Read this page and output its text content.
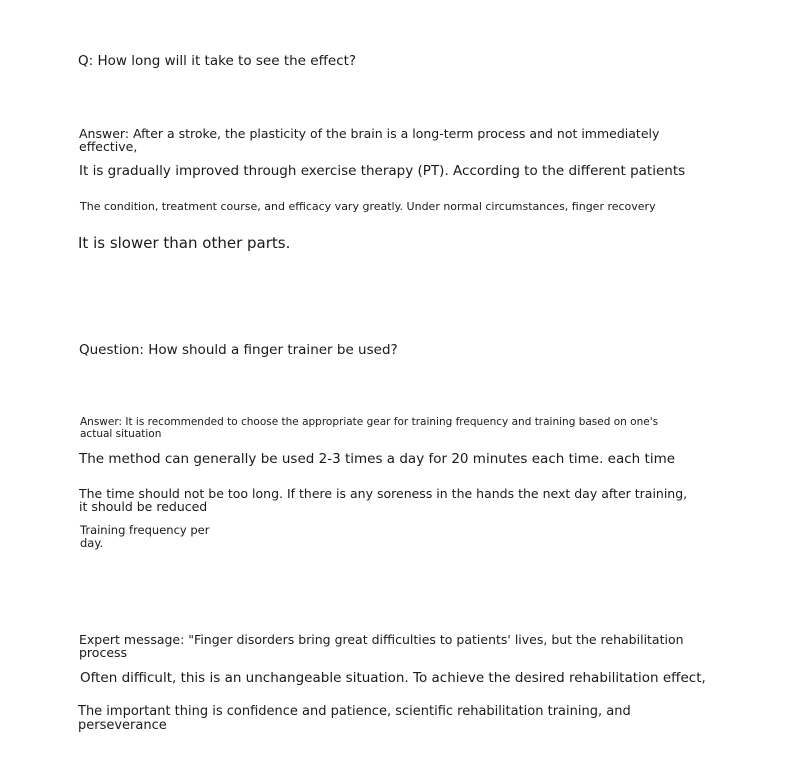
Q: How long will it take to see the effect?

Answer: After a stroke, the plasticity of the brain is a long-term process and not immediately effective,

It is gradually improved through exercise therapy (PT). According to the different patients

The condition, treatment course, and efficacy vary greatly. Under normal circumstances, finger recovery

It is slower than other parts.

Question: How should a finger trainer be used?

Answer: It is recommended to choose the appropriate gear for training frequency and training based on one's actual situation

The method can generally be used 2-3 times a day for 20 minutes each time. each time

The time should not be too long. If there is any soreness in the hands the next day after training, it should be reduced

Training frequency per day.

Expert message: "Finger disorders bring great difficulties to patients' lives, but the rehabilitation process

Often difficult, this is an unchangeable situation. To achieve the desired rehabilitation effect,

The important thing is confidence and patience, scientific rehabilitation training, and perseverance
